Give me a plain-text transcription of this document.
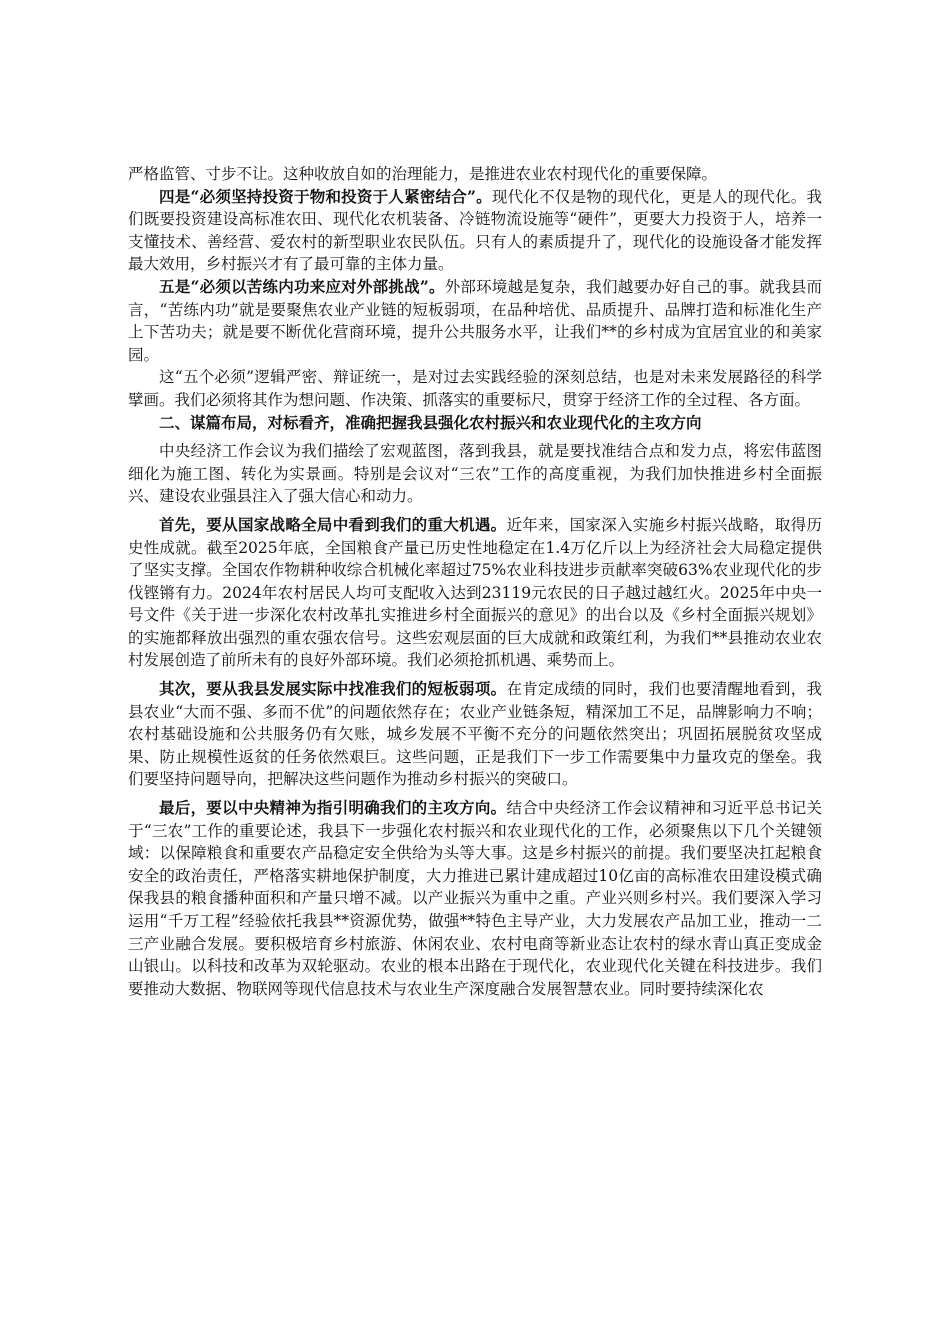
严格监管、寸步不让。这种收放自如的治理能力，是推进农业农村现代化的重要保障。

四是“必须坚持投资于物和投资于人紧密结合”。现代化不仅是物的现代化，更是人的现代化。我们既要投资建设高标准农田、现代化农机装备、冷链物流设施等“硬件”，更要大力投资于人，培养一支懂技术、善经营、爱农村的新型职业农民队伍。只有人的素质提升了，现代化的设施设备才能发挥最大效用，乡村振兴才有了最可靠的主体力量。

五是“必须以苦练内功来应对外部挑战”。外部环境越是复杂，我们越要办好自己的事。就我县而言，“苦练内功”就是要聚焦农业产业链的短板弱项，在品种培优、品质提升、品牌打造和标准化生产上下苦功夫；就是要不断优化营商环境，提升公共服务水平，让我们**的乡村成为宜居宜业的和美家园。

这“五个必须”逻辑严密、辩证统一，是对过去实践经验的深刻总结，也是对未来发展路径的科学擘画。我们必须将其作为想问题、作决策、抓落实的重要标尺，贯穿于经济工作的全过程、各方面。

二、谋篇布局，对标看齐，准确把握我县强化农村振兴和农业现代化的主攻方向

中央经济工作会议为我们描绘了宏观蓝图，落到我县，就是要找准结合点和发力点，将宏伟蓝图细化为施工图、转化为实景画。特别是会议对“三农”工作的高度重视，为我们加快推进乡村全面振兴、建设农业强县注入了强大信心和动力。

首先，要从国家战略全局中看到我们的重大机遇。近年来，国家深入实施乡村振兴战略，取得历史性成就。截至2025年底，全国粮食产量已历史性地稳定在1.4万亿斤以上为经济社会大局稳定提供了坚实支撑。全国农作物耕种收综合机械化率超过75%农业科技进步贡献率突破63%农业现代化的步伐铿锵有力。2024年农村居民人均可支配收入达到23119元农民的日子越过越红火。2025年中央一号文件《关于进一步深化农村改革扎实推进乡村全面振兴的意见》的出台以及《乡村全面振兴规划》的实施都释放出强烈的重农强农信号。这些宏观层面的巨大成就和政策红利，为我们**县推动农业农村发展创造了前所未有的良好外部环境。我们必须抢抓机遇、乘势而上。

其次，要从我县发展实际中找准我们的短板弱项。在肯定成绩的同时，我们也要清醒地看到，我县农业“大而不强、多而不优”的问题依然存在；农业产业链条短，精深加工不足，品牌影响力不响；农村基础设施和公共服务仍有欠账，城乡发展不平衡不充分的问题依然突出；巩固拓展脱贫攻坚成果、防止规模性返贫的任务依然艰巨。这些问题，正是我们下一步工作需要集中力量攻克的堡垒。我们要坚持问题导向，把解决这些问题作为推动乡村振兴的突破口。

最后，要以中央精神为指引明确我们的主攻方向。结合中央经济工作会议精神和习近平总书记关于“三农”工作的重要论述，我县下一步强化农村振兴和农业现代化的工作，必须聚焦以下几个关键领域：以保障粮食和重要农产品稳定安全供给为头等大事。这是乡村振兴的前提。我们要坚决扛起粮食安全的政治责任，严格落实耕地保护制度，大力推进已累计建成超过10亿亩的高标准农田建设模式确保我县的粮食播种面积和产量只增不减。以产业振兴为重中之重。产业兴则乡村兴。我们要深入学习运用“千万工程”经验依托我县**资源优势，做强**特色主导产业，大力发展农产品加工业，推动一二三产业融合发展。要积极培育乡村旅游、休闲农业、农村电商等新业态让农村的绿水青山真正变成金山银山。以科技和改革为双轮驱动。农业的根本出路在于现代化，农业现代化关键在科技进步。我们要推动大数据、物联网等现代信息技术与农业生产深度融合发展智慧农业。同时要持续深化农
